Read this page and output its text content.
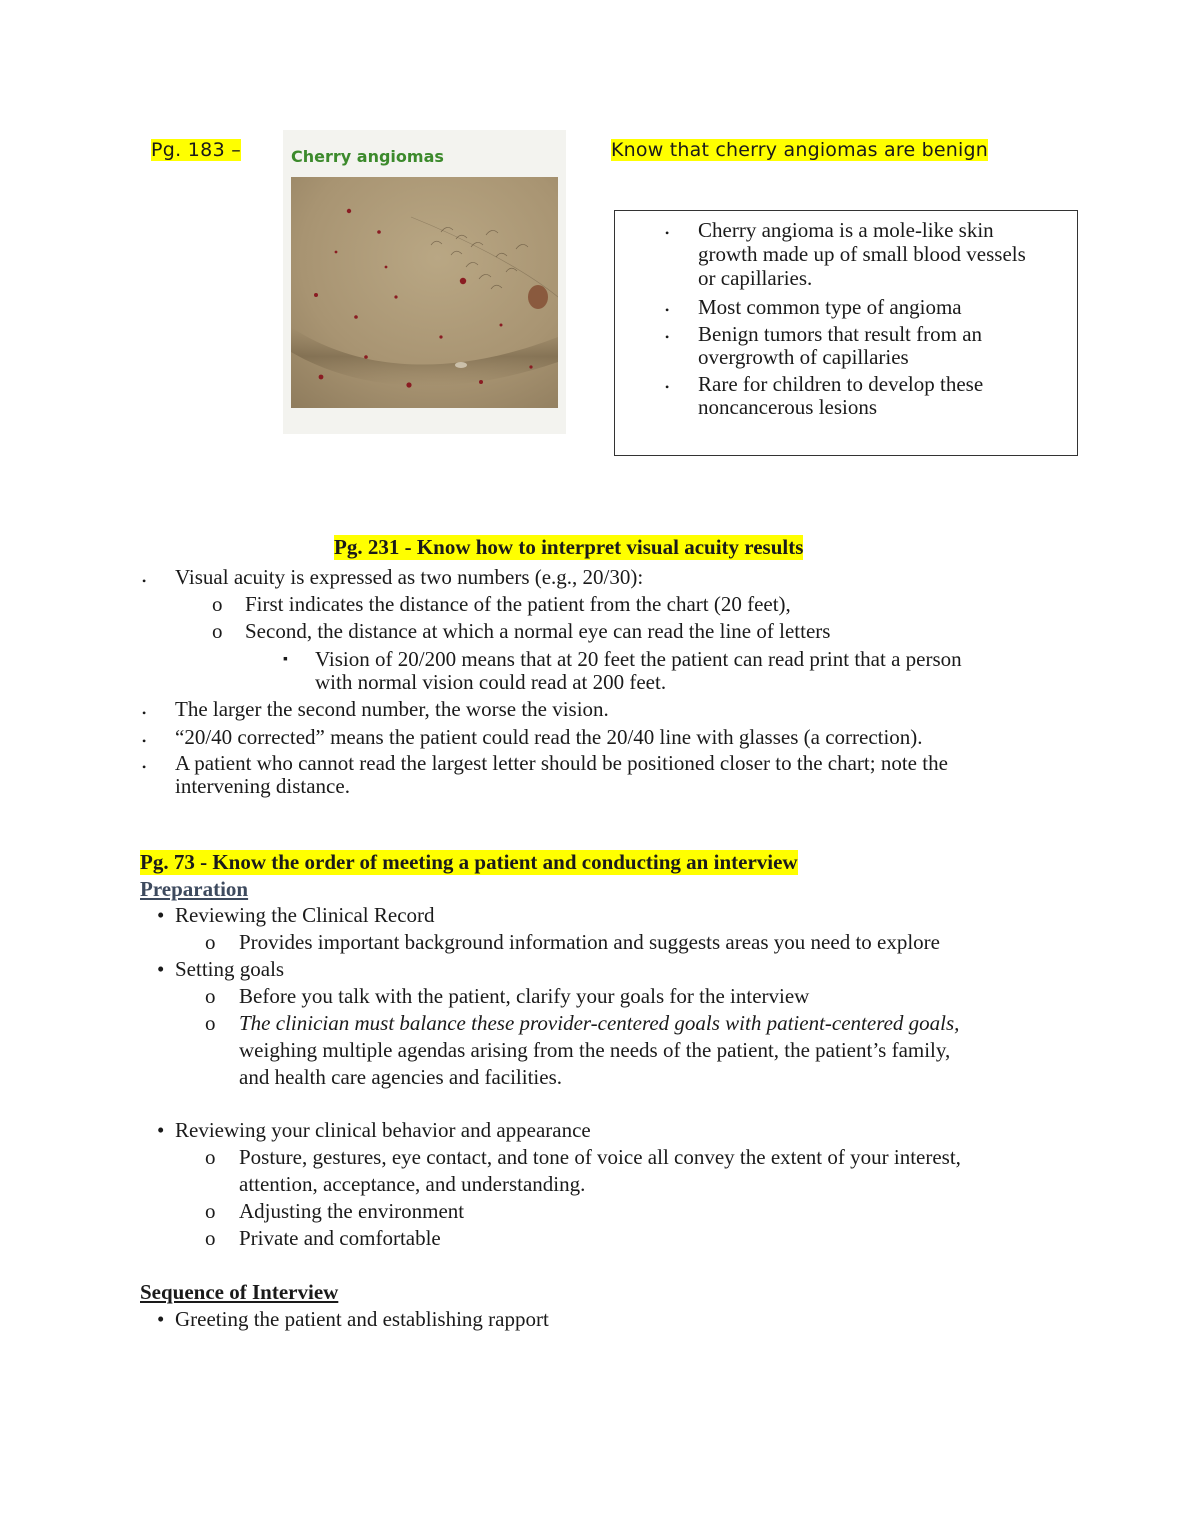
Pg. 183 –	Cherry angiomas	Know that cherry angiomas are benign
• Cherry angioma is a mole-like skin
growth made up of small blood vessels
or capillaries.
• Most common type of angioma
• Benign tumors that result from an
overgrowth of capillaries
• Rare for children to develop these
noncancerous lesions
Pg. 231 - Know how to interpret visual acuity results
• Visual acuity is expressed as two numbers (e.g., 20/30):
o First indicates the distance of the patient from the chart (20 feet),
o Second, the distance at which a normal eye can read the line of letters
▪ Vision of 20/200 means that at 20 feet the patient can read print that a person
with normal vision could read at 200 feet.
• The larger the second number, the worse the vision.
• “20/40 corrected” means the patient could read the 20/40 line with glasses (a correction).
• A patient who cannot read the largest letter should be positioned closer to the chart; note the
intervening distance.
Pg. 73 - Know the order of meeting a patient and conducting an interview
Preparation
• Reviewing the Clinical Record
o Provides important background information and suggests areas you need to explore
• Setting goals
o Before you talk with the patient, clarify your goals for the interview
o The clinician must balance these provider-centered goals with patient-centered goals,
weighing multiple agendas arising from the needs of the patient, the patient’s family,
and health care agencies and facilities.
• Reviewing your clinical behavior and appearance
o Posture, gestures, eye contact, and tone of voice all convey the extent of your interest,
attention, acceptance, and understanding.
o Adjusting the environment
o Private and comfortable
Sequence of Interview
• Greeting the patient and establishing rapport
